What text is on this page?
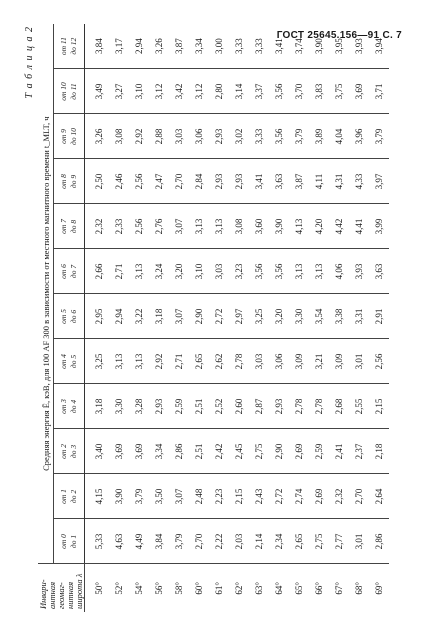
ГОСТ 25645.156—91 С. 7
Т а б л и ц а 2
Инвари-антная геомаг-нитная широта λ	Средняя энергия Ē, кэВ, для 100 AF 300 в зависимости от местного магнитного времени t_MLT, ч											

	от 0 до 1	от 1 до 2	от 2 до 3	от 3 до 4	от 4 до 5	от 5 до 6	от 6 до 7	от 7 до 8	от 8 до 9	от 9 до 10	от 10 до 11	от 11 до 12

50°	5,33	4,15	3,40	3,18	3,25	2,95	2,66	2,32	2,50	3,26	3,49	3,84
52°	4,63	3,90	3,69	3,30	3,13	2,94	2,71	2,33	2,46	3,08	3,27	3,17
54°	4,49	3,79	3,69	3,28	3,13	3,22	3,13	2,56	2,56	2,92	3,10	2,94
56°	3,84	3,50	3,34	2,93	2,92	3,18	3,24	2,76	2,47	2,88	3,12	3,26
58°	3,79	3,07	2,86	2,59	2,71	3,07	3,20	3,07	2,70	3,03	3,42	3,87
60°	2,70	2,48	2,51	2,51	2,65	2,90	3,10	3,13	2,84	3,06	3,12	3,34
61°	2,22	2,23	2,42	2,52	2,62	2,72	3,03	3,13	2,93	2,93	2,80	3,00
62°	2,03	2,15	2,45	2,60	2,78	2,97	3,23	3,08	2,93	3,02	3,14	3,33
63°	2,14	2,43	2,75	2,87	3,03	3,25	3,56	3,60	3,41	3,33	3,37	3,33
64°	2,34	2,72	2,90	2,93	3,06	3,20	3,56	3,90	3,63	3,56	3,56	3,41
65°	2,65	2,74	2,69	2,78	3,09	3,30	3,13	4,13	3,87	3,79	3,70	3,74
66°	2,75	2,69	2,59	2,78	3,21	3,54	3,13	4,20	4,11	3,89	3,83	3,90
67°	2,77	2,32	2,41	2,68	3,09	3,38	4,06	4,42	4,31	4,04	3,75	3,95
68°	3,01	2,70	2,37	2,55	3,01	3,31	3,93	4,41	4,33	3,96	3,69	3,93
69°	2,86	2,64	2,18	2,15	2,56	2,91	3,63	3,99	3,97	3,79	3,71	3,94
